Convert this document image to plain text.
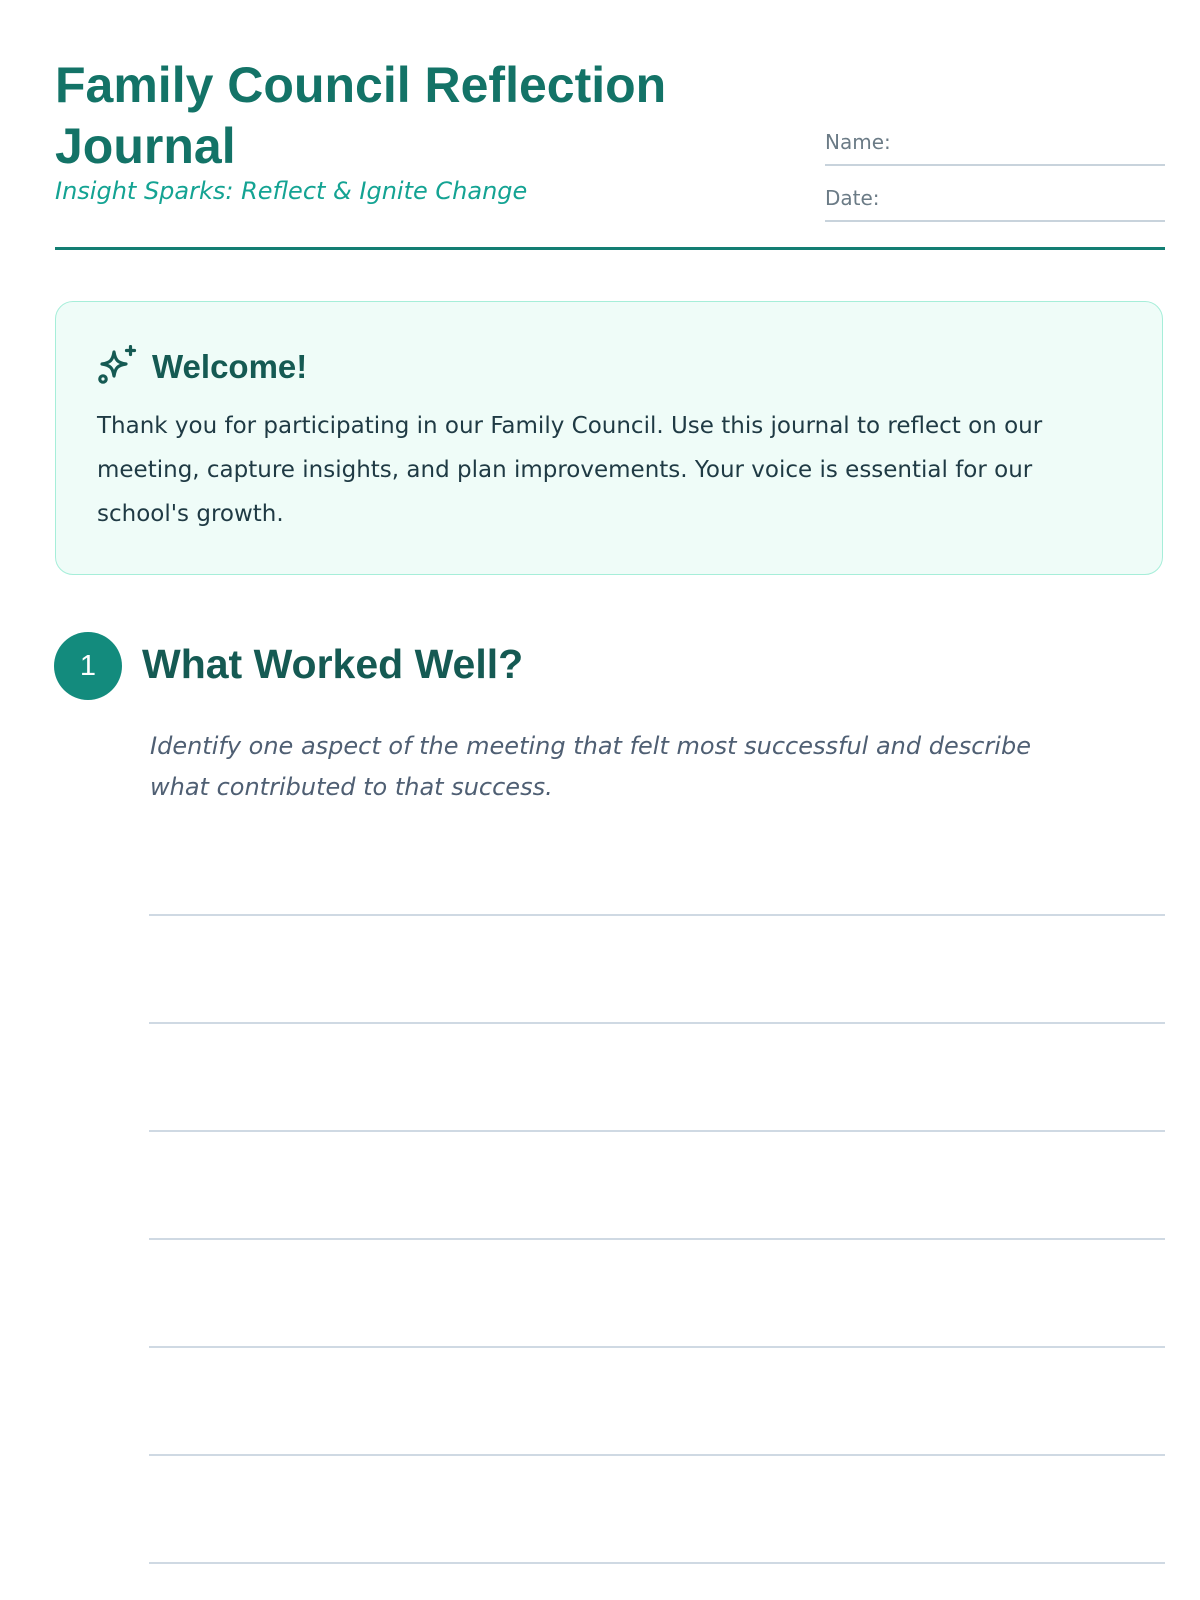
Family Council Reflection Journal
Insight Sparks: Reflect & Ignite Change
Name:
Date:
Welcome!

Thank you for participating in our Family Council. Use this journal to reflect on our meeting, capture insights, and plan improvements. Your voice is essential for our school's growth.

1	What Worked Well?

Identify one aspect of the meeting that felt most successful and describe what contributed to that success.
